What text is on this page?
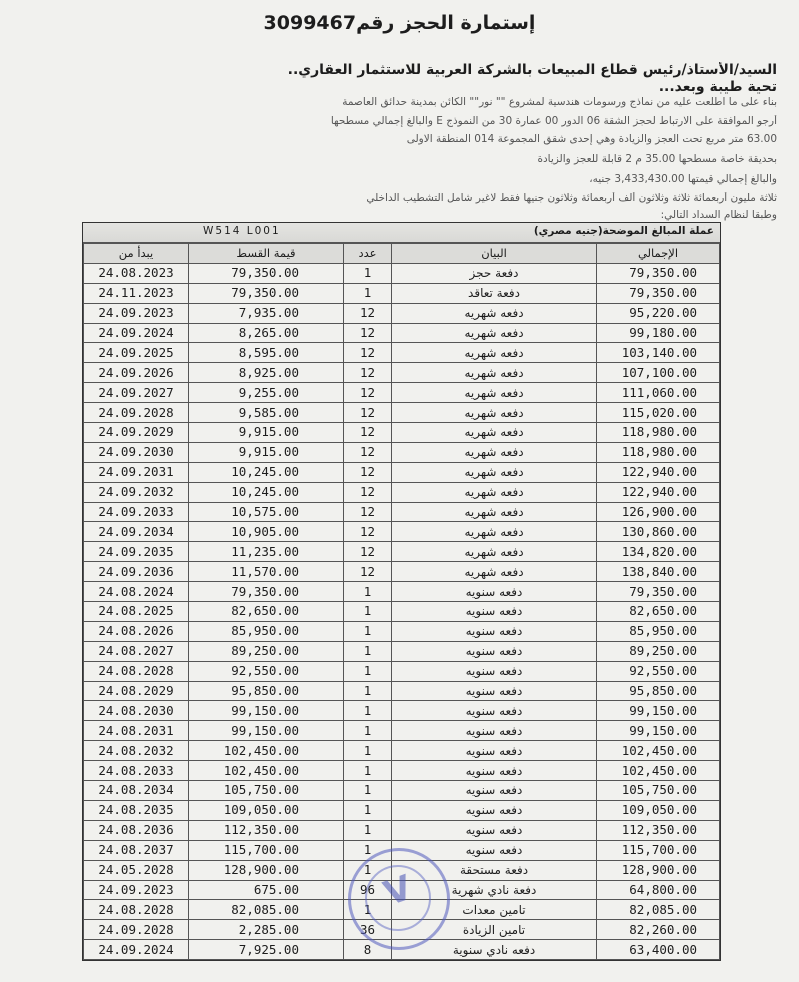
إستمارة الحجز رقم3099467
السيد/الأستاذ/رئيس قطاع المبيعات بالشركة العربية للاستثمار العقاري..
تحية طيبة وبعد...
بناء على ما اطلعت عليه من نماذج ورسومات هندسية لمشروع "" نور"" الكائن بمدينة حدائق العاصمة
أرجو الموافقة على الارتباط لحجز الشقة 06 الدور 00 عمارة 30 من النموذج E والبالغ إجمالي مسطحها
63.00 متر مربع تحت العجز والزيادة وهي إحدى شقق المجموعة 014 المنطقة الاولى
بحديقة خاصة مسطحها 35.00 م 2 قابلة للعجز والزيادة
والبالغ إجمالي قيمتها 3,433,430.00 جنيه،
ثلاثة مليون أربعمائة ثلاثة وثلاثون ألف أربعمائة وثلاثون جنيها فقط لاغير شامل التشطيب الداخلي
وطبقا لنظام السداد التالي:
W514 L001	عملة المبالغ الموضحة(جنيه مصري)
يبدأ من	قيمة القسط	عدد	البيان	الإجمالي
24.08.2023	79,350.00	1	دفعة حجز	79,350.00
24.11.2023	79,350.00	1	دفعة تعاقد	79,350.00
24.09.2023	7,935.00	12	دفعه شهريه	95,220.00
24.09.2024	8,265.00	12	دفعه شهريه	99,180.00
24.09.2025	8,595.00	12	دفعه شهريه	103,140.00
24.09.2026	8,925.00	12	دفعه شهريه	107,100.00
24.09.2027	9,255.00	12	دفعه شهريه	111,060.00
24.09.2028	9,585.00	12	دفعه شهريه	115,020.00
24.09.2029	9,915.00	12	دفعه شهريه	118,980.00
24.09.2030	9,915.00	12	دفعه شهريه	118,980.00
24.09.2031	10,245.00	12	دفعه شهريه	122,940.00
24.09.2032	10,245.00	12	دفعه شهريه	122,940.00
24.09.2033	10,575.00	12	دفعه شهريه	126,900.00
24.09.2034	10,905.00	12	دفعه شهريه	130,860.00
24.09.2035	11,235.00	12	دفعه شهريه	134,820.00
24.09.2036	11,570.00	12	دفعه شهريه	138,840.00
24.08.2024	79,350.00	1	دفعه سنويه	79,350.00
24.08.2025	82,650.00	1	دفعه سنويه	82,650.00
24.08.2026	85,950.00	1	دفعه سنويه	85,950.00
24.08.2027	89,250.00	1	دفعه سنويه	89,250.00
24.08.2028	92,550.00	1	دفعه سنويه	92,550.00
24.08.2029	95,850.00	1	دفعه سنويه	95,850.00
24.08.2030	99,150.00	1	دفعه سنويه	99,150.00
24.08.2031	99,150.00	1	دفعه سنويه	99,150.00
24.08.2032	102,450.00	1	دفعه سنويه	102,450.00
24.08.2033	102,450.00	1	دفعه سنويه	102,450.00
24.08.2034	105,750.00	1	دفعه سنويه	105,750.00
24.08.2035	109,050.00	1	دفعه سنويه	109,050.00
24.08.2036	112,350.00	1	دفعه سنويه	112,350.00
24.08.2037	115,700.00	1	دفعه سنويه	115,700.00
24.05.2028	128,900.00	1	دفعة مستحقة	128,900.00
24.09.2023	675.00	96	دفعة نادي شهرية	64,800.00
24.08.2028	82,085.00	1	تامين معدات	82,085.00
24.09.2028	2,285.00	36	تامين الزيادة	82,260.00
24.09.2024	7,925.00	8	دفعه نادي سنوية	63,400.00
V
